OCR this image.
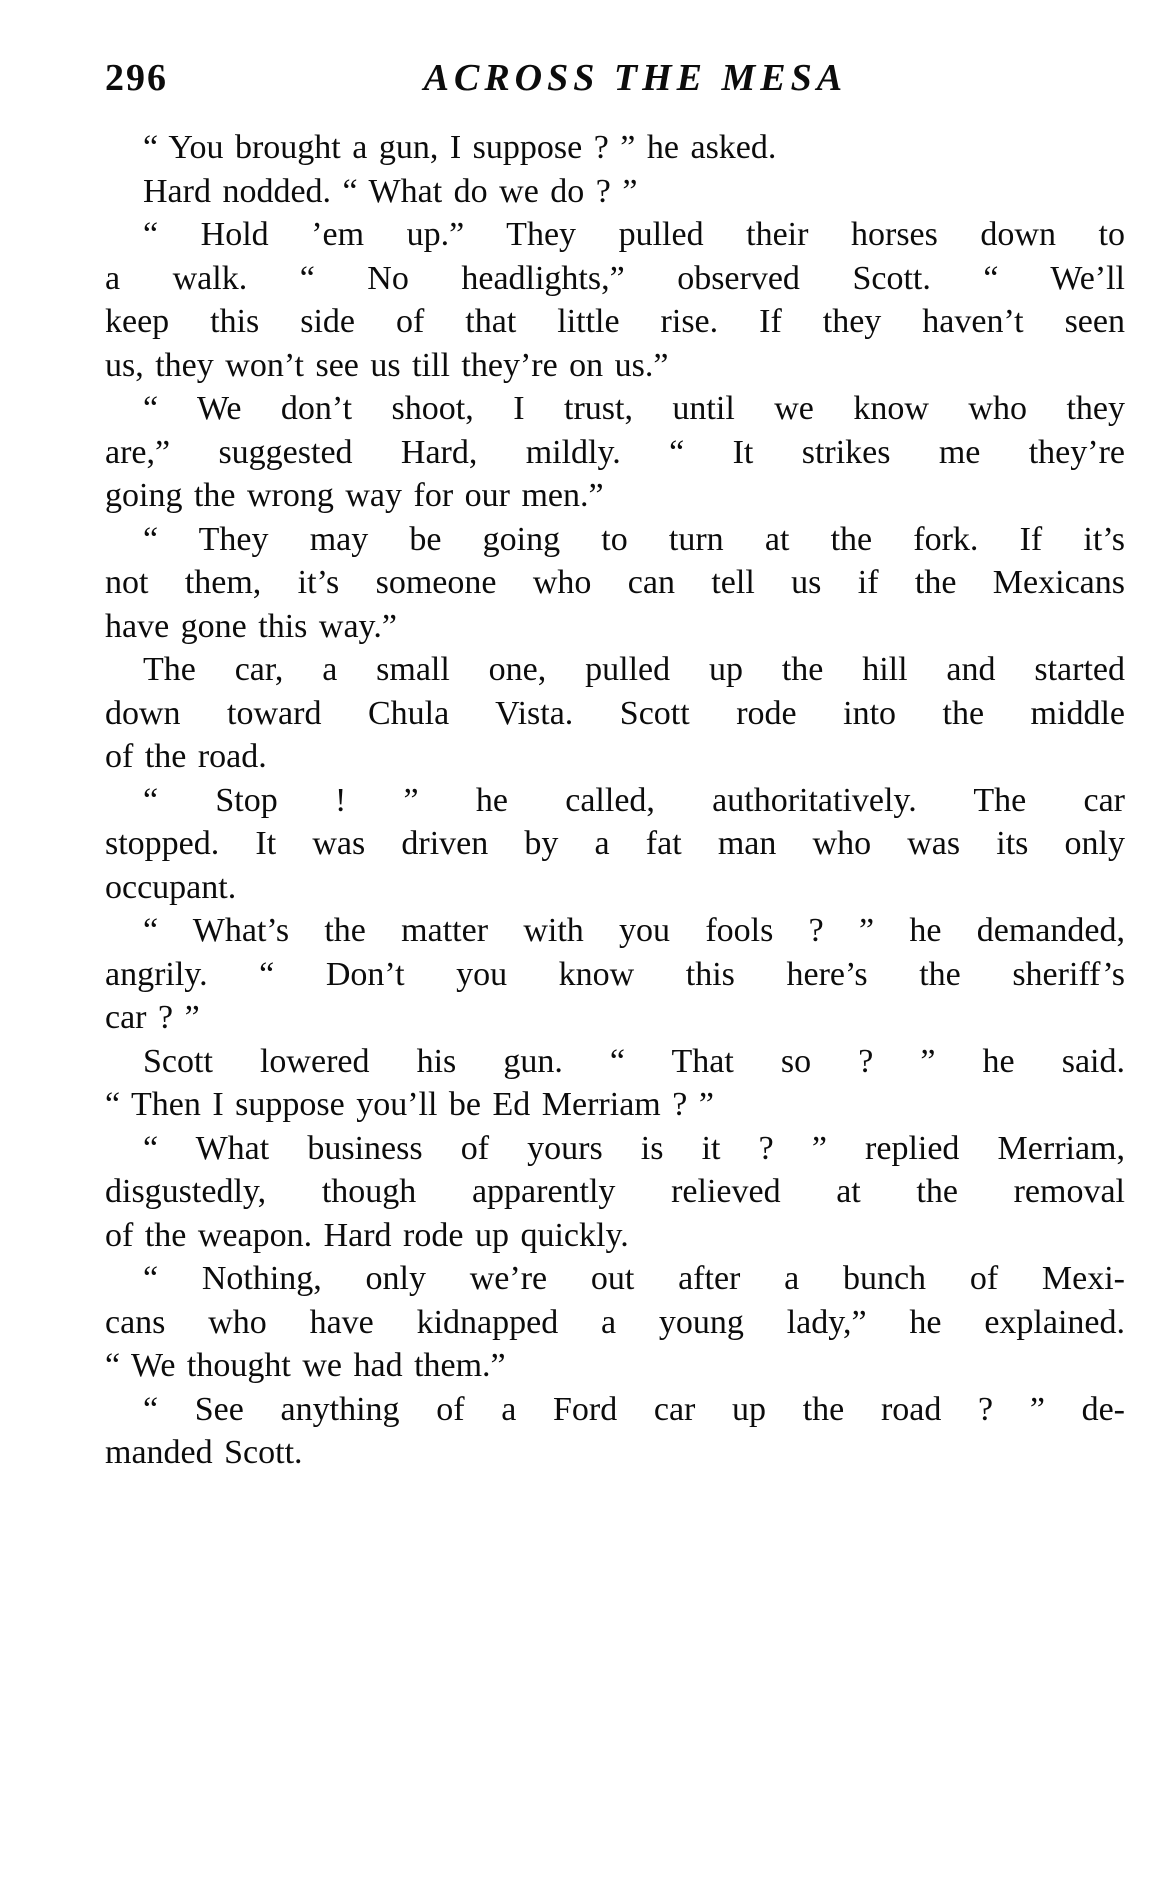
296	ACROSS THE MESA

“ You brought a gun, I suppose ? ” he asked.

Hard nodded. “ What do we do ? ”

“ Hold ’em up.” They pulled their horses down to
a walk. “ No headlights,” observed Scott. “ We’ll
keep this side of that little rise. If they haven’t seen
us, they won’t see us till they’re on us.”

“ We don’t shoot, I trust, until we know who they
are,” suggested Hard, mildly. “ It strikes me they’re
going the wrong way for our men.”

“ They may be going to turn at the fork. If it’s
not them, it’s someone who can tell us if the Mexicans
have gone this way.”

The car, a small one, pulled up the hill and started
down toward Chula Vista. Scott rode into the middle
of the road.

“ Stop ! ” he called, authoritatively. The car
stopped. It was driven by a fat man who was its only
occupant.

“ What’s the matter with you fools ? ” he demanded,
angrily. “ Don’t you know this here’s the sheriff’s
car ? ”

Scott lowered his gun. “ That so ? ” he said.
“ Then I suppose you’ll be Ed Merriam ? ”

“ What business of yours is it ? ” replied Merriam,
disgustedly, though apparently relieved at the removal
of the weapon. Hard rode up quickly.

“ Nothing, only we’re out after a bunch of Mexi-
cans who have kidnapped a young lady,” he explained.
“ We thought we had them.”

“ See anything of a Ford car up the road ? ” de-
manded Scott.
